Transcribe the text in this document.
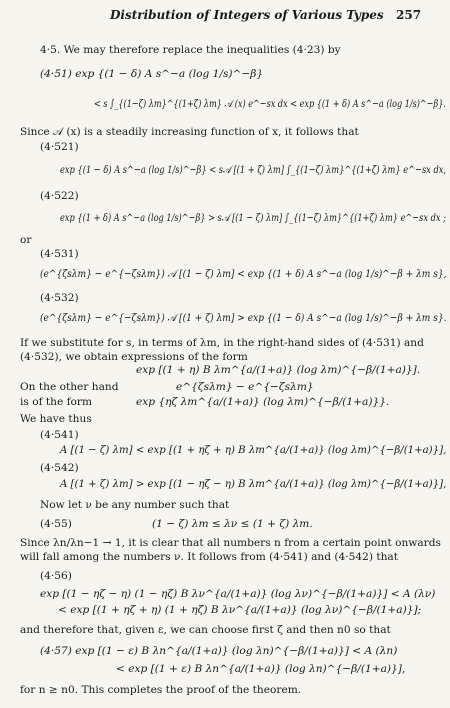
Distribution of Integers of Various Types 257
4·5. We may therefore replace the inequalities (4·23) by
(4·51) exp {(1 − δ) A s^−a (log 1/s)^−β}
< s ∫_{(1−ζ) λm}^{(1+ζ) λm} 𝒜 (x) e^−sx dx < exp {(1 + δ) A s^−a (log 1/s)^−β}.
Since 𝒜 (x) is a steadily increasing function of x, it follows that
(4·521)
exp {(1 − δ) A s^−a (log 1/s)^−β} < s𝒜 [(1 + ζ) λm] ∫_{(1−ζ) λm}^{(1+ζ) λm} e^−sx dx,
(4·522)
exp {(1 + δ) A s^−a (log 1/s)^−β} > s𝒜 [(1 − ζ) λm] ∫_{(1−ζ) λm}^{(1+ζ) λm} e^−sx dx ;
or
(4·531)
(e^{ζsλm} − e^{−ζsλm}) 𝒜 [(1 − ζ) λm] < exp {(1 + δ) A s^−a (log 1/s)^−β + λm s},
(4·532)
(e^{ζsλm} − e^{−ζsλm}) 𝒜 [(1 + ζ) λm] > exp {(1 − δ) A s^−a (log 1/s)^−β + λm s}.
If we substitute for s, in terms of λm, in the right-hand sides of (4·531) and
(4·532), we obtain expressions of the form
exp [(1 + η) B λm^{a/(1+a)} (log λm)^{−β/(1+a)}].
On the other hand	e^{ζsλm} − e^{−ζsλm}
is of the form	exp {ηζ λm^{a/(1+a)} (log λm)^{−β/(1+a)}}.
We have thus
(4·541)
A [(1 − ζ) λm] < exp [(1 + ηζ + η) B λm^{a/(1+a)} (log λm)^{−β/(1+a)}],
(4·542)
A [(1 + ζ) λm] > exp [(1 − ηζ − η) B λm^{a/(1+a)} (log λm)^{−β/(1+a)}],
Now let ν be any number such that
(4·55)	(1 − ζ) λm ≤ λν ≤ (1 + ζ) λm.
Since λn/λn−1 → 1, it is clear that all numbers n from a certain point onwards
will fall among the numbers ν. It follows from (4·541) and (4·542) that
(4·56)
exp [(1 − ηζ − η) (1 − ηζ) B λν^{a/(1+a)} (log λν)^{−β/(1+a)}] < A (λν)
< exp [(1 + ηζ + η) (1 + ηζ) B λν^{a/(1+a)} (log λν)^{−β/(1+a)}];
and therefore that, given ε, we can choose first ζ and then n0 so that
(4·57) exp [(1 − ε) B λn^{a/(1+a)} (log λn)^{−β/(1+a)}] < A (λn)
< exp [(1 + ε) B λn^{a/(1+a)} (log λn)^{−β/(1+a)}],
for n ≥ n0. This completes the proof of the theorem.
